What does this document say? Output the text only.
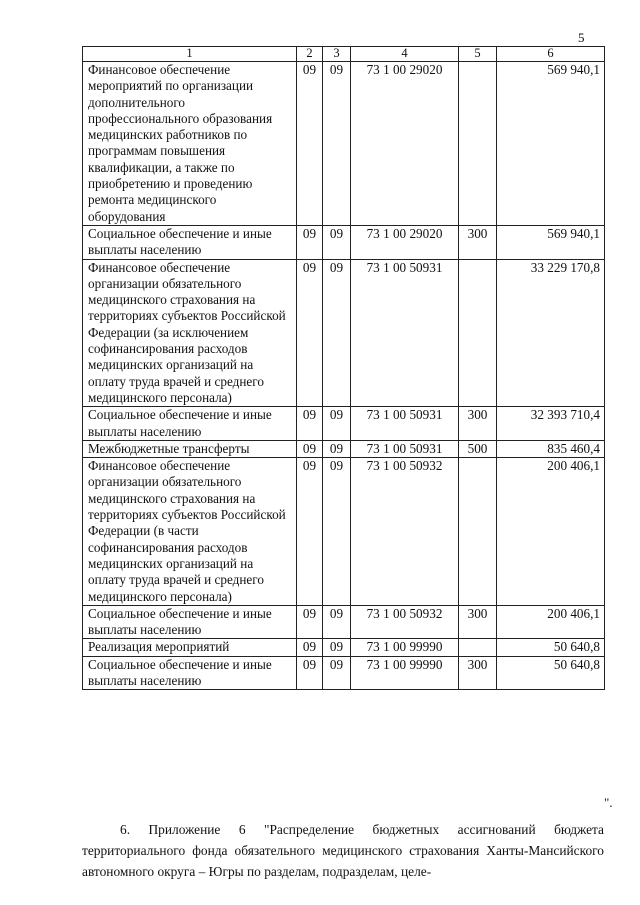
5
1	2	3	4	5	6
Финансовое обеспечение мероприятий по организации дополнительного профессионального образования медицинских работников по программам повышения квалификации, а также по приобретению и проведению ремонта медицинского оборудования	09	09	73 1 00 29020		569 940,1
Социальное обеспечение и иные выплаты населению	09	09	73 1 00 29020	300	569 940,1
Финансовое обеспечение организации обязательного медицинского страхования на территориях субъектов Российской Федерации (за исключением софинансирования расходов медицинских организаций на оплату труда врачей и среднего медицинского персонала)	09	09	73 1 00 50931		33 229 170,8
Социальное обеспечение и иные выплаты населению	09	09	73 1 00 50931	300	32 393 710,4
Межбюджетные трансферты	09	09	73 1 00 50931	500	835 460,4
Финансовое обеспечение организации обязательного медицинского страхования на территориях субъектов Российской Федерации (в части софинансирования расходов медицинских организаций на оплату труда врачей и среднего медицинского персонала)	09	09	73 1 00 50932		200 406,1
Социальное обеспечение и иные выплаты населению	09	09	73 1 00 50932	300	200 406,1
Реализация мероприятий	09	09	73 1 00 99990		50 640,8
Социальное обеспечение и иные выплаты населению	09	09	73 1 00 99990	300	50 640,8
".
6. Приложение 6 "Распределение бюджетных ассигнований бюджета территориального фонда обязательного медицинского страхования Ханты-Мансийского автономного округа – Югры по разделам, подразделам, целе-
